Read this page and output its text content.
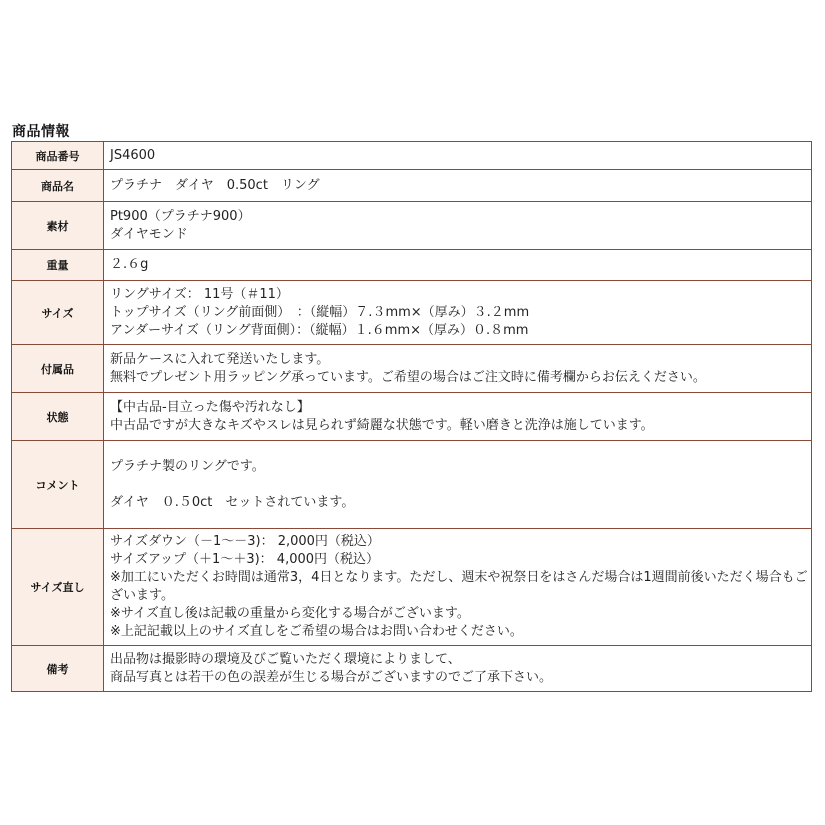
商品情報
商品番号	JS4600

商品名	プラチナ　ダイヤ　0.50ct　リング

素材	Pt900（プラチナ900）
ダイヤモンド

重量	２.６g

サイズ	リングサイズ： 11号（＃11）
トップサイズ（リング前面側）　：（縦幅）７.３mm×（厚み）３.２mm
アンダーサイズ（リング背面側）：（縦幅）１.６mm×（厚み）０.８mm

付属品	新品ケースに入れて発送いたします。
無料でプレゼント用ラッピング承っています。ご希望の場合はご注文時に備考欄からお伝えください。

状態	【中古品-目立った傷や汚れなし】
中古品ですが大きなキズやスレは見られず綺麗な状態です。軽い磨きと洗浄は施しています。

コメント	プラチナ製のリングです。
ダイヤ　０.５0ct　セットされています。

サイズ直し	サイズダウン（－1～－3)： 2,000円（税込）
サイズアップ（＋1～＋3)： 4,000円（税込）
※加工にいただくお時間は通常3，4日となります。ただし、週末や祝祭日をはさんだ場合は1週間前後いただく場合もございます。
※サイズ直し後は記載の重量から変化する場合がございます。
※上記記載以上のサイズ直しをご希望の場合はお問い合わせください。

備考	出品物は撮影時の環境及びご覧いただく環境によりまして、
商品写真とは若干の色の誤差が生じる場合がございますのでご了承下さい。
